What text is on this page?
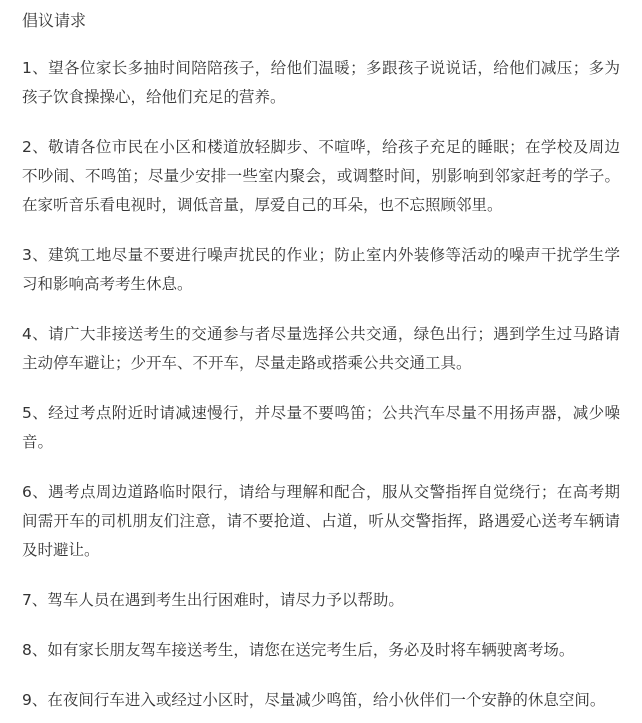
倡议请求

1、望各位家长多抽时间陪陪孩子，给他们温暖；多跟孩子说说话，给他们减压；多为孩子饮食操操心，给他们充足的营养。

2、敬请各位市民在小区和楼道放轻脚步、不喧哗，给孩子充足的睡眠；在学校及周边不吵闹、不鸣笛；尽量少安排一些室内聚会，或调整时间，别影响到邻家赶考的学子。在家听音乐看电视时，调低音量，厚爱自己的耳朵，也不忘照顾邻里。

3、建筑工地尽量不要进行噪声扰民的作业；防止室内外装修等活动的噪声干扰学生学习和影响高考考生休息。

4、请广大非接送考生的交通参与者尽量选择公共交通，绿色出行；遇到学生过马路请主动停车避让；少开车、不开车，尽量走路或搭乘公共交通工具。

5、经过考点附近时请减速慢行，并尽量不要鸣笛；公共汽车尽量不用扬声器，减少噪音。

6、遇考点周边道路临时限行，请给与理解和配合，服从交警指挥自觉绕行；在高考期间需开车的司机朋友们注意，请不要抢道、占道，听从交警指挥，路遇爱心送考车辆请及时避让。

7、驾车人员在遇到考生出行困难时，请尽力予以帮助。

8、如有家长朋友驾车接送考生，请您在送完考生后，务必及时将车辆驶离考场。

9、在夜间行车进入或经过小区时，尽量减少鸣笛，给小伙伴们一个安静的休息空间。
